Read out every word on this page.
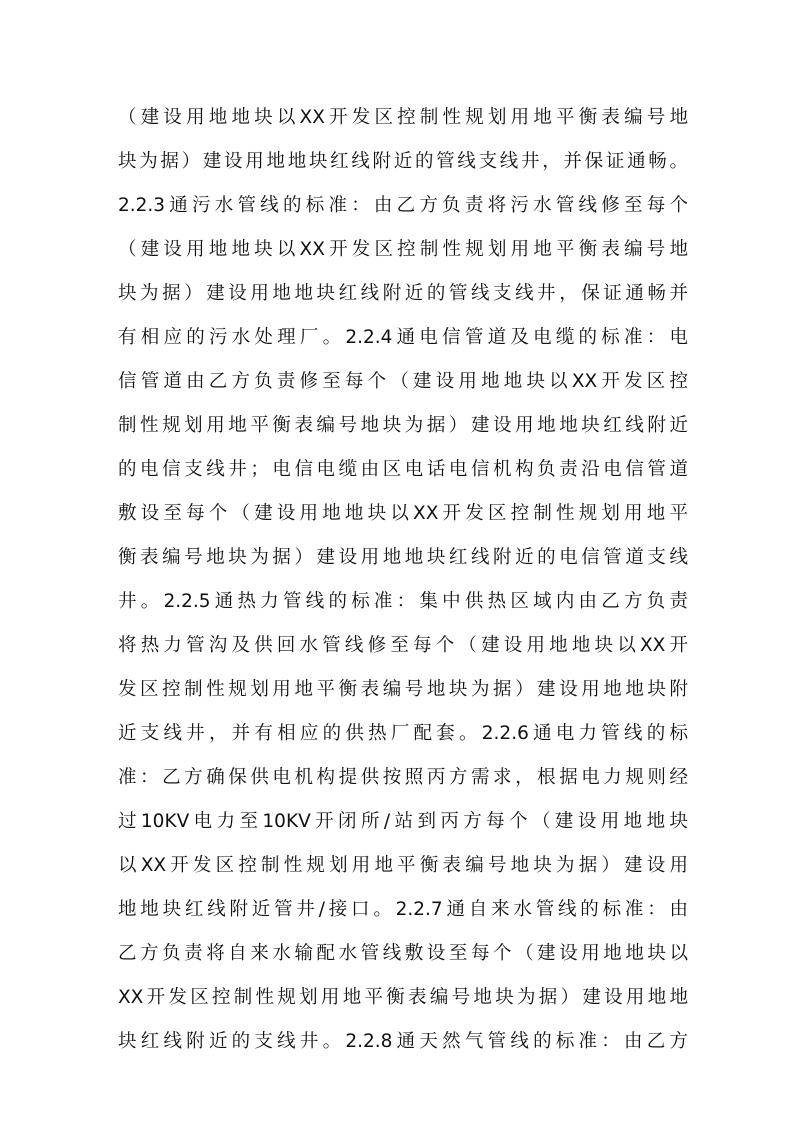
（建设用地地块以XX开发区控制性规划用地平衡表编号地
块为据）建设用地地块红线附近的管线支线井，并保证通畅。
2.2.3通污水管线的标准：由乙方负责将污水管线修至每个
（建设用地地块以XX开发区控制性规划用地平衡表编号地
块为据）建设用地地块红线附近的管线支线井，保证通畅并
有相应的污水处理厂。2.2.4通电信管道及电缆的标准：电
信管道由乙方负责修至每个（建设用地地块以XX开发区控
制性规划用地平衡表编号地块为据）建设用地地块红线附近
的电信支线井；电信电缆由区电话电信机构负责沿电信管道
敷设至每个（建设用地地块以XX开发区控制性规划用地平
衡表编号地块为据）建设用地地块红线附近的电信管道支线
井。2.2.5通热力管线的标准：集中供热区域内由乙方负责
将热力管沟及供回水管线修至每个（建设用地地块以XX开
发区控制性规划用地平衡表编号地块为据）建设用地地块附
近支线井，并有相应的供热厂配套。2.2.6通电力管线的标
准：乙方确保供电机构提供按照丙方需求，根据电力规则经
过10KV电力至10KV开闭所/站到丙方每个（建设用地地块
以XX开发区控制性规划用地平衡表编号地块为据）建设用
地地块红线附近管井/接口。2.2.7通自来水管线的标准：由
乙方负责将自来水输配水管线敷设至每个（建设用地地块以
XX开发区控制性规划用地平衡表编号地块为据）建设用地地
块红线附近的支线井。2.2.8通天然气管线的标准：由乙方
